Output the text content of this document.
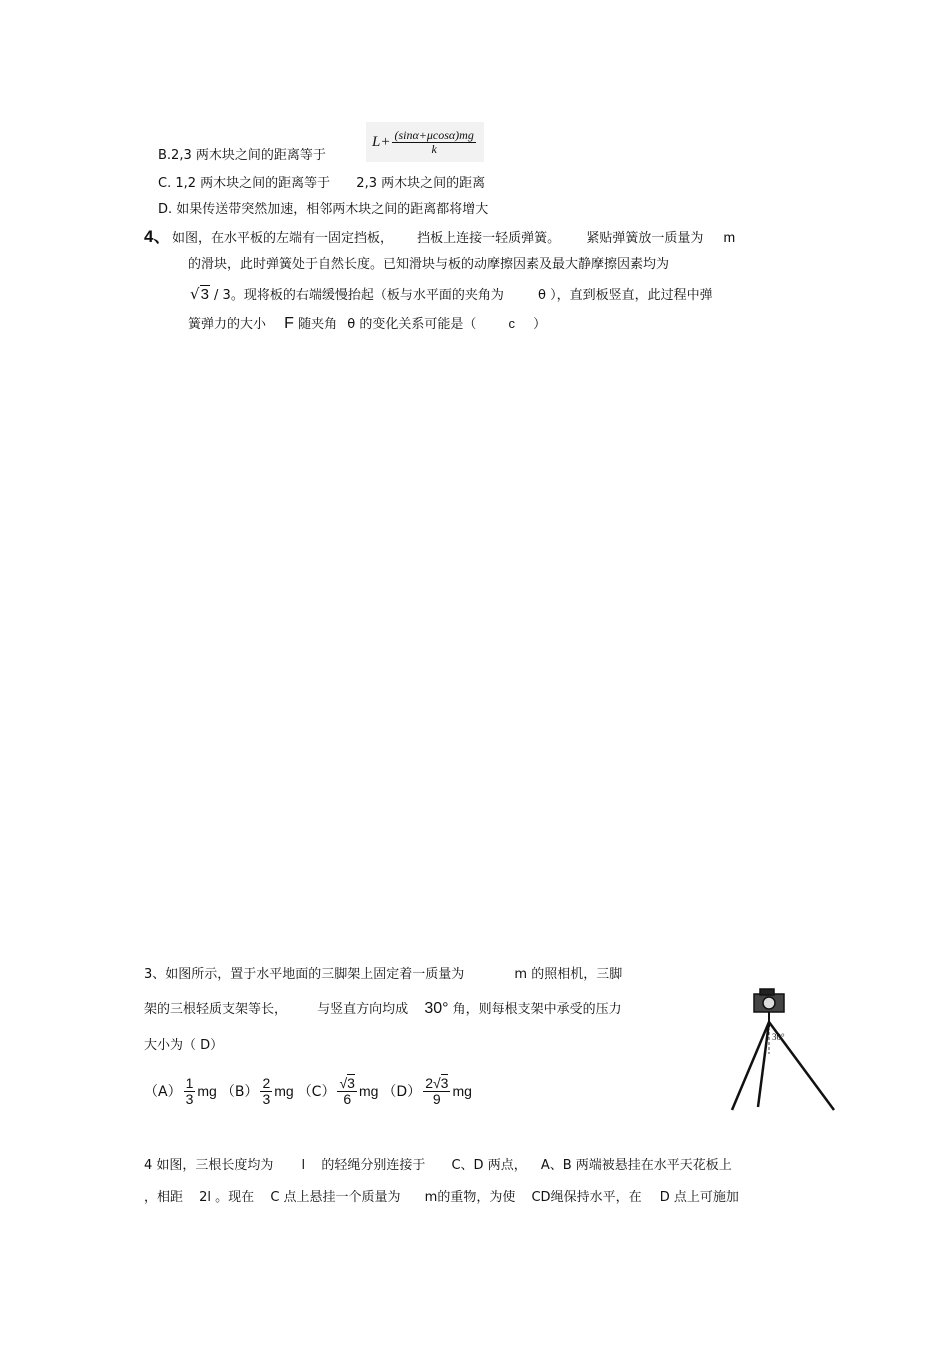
B.2,3 两木块之间的距离等于
$L+ \frac{(\sin\alpha+\mu\cos\alpha)mg}{k}$
C. 1,2 两木块之间的距离等于 2,3 两木块之间的距离
D. 如果传送带突然加速，相邻两木块之间的距离都将增大
4、 如图，在水平板的左端有一固定挡板， 挡板上连接一轻质弹簧。 紧贴弹簧放一质量为 m
的滑块，此时弹簧处于自然长度。已知滑块与板的动摩擦因素及最大静摩擦因素均为
√3 / 3。现将板的右端缓慢抬起（板与水平面的夹角为	θ ），直到板竖直，此过程中弹
簧弹力的大小 F 随夹角 θ 的变化关系可能是（ c ）
3、如图所示，置于水平地面的三脚架上固定着一质量为	m 的照相机，三脚
架的三根轻质支架等长， 与竖直方向均成 30° 角，则每根支架中承受的压力
大小为（ D）
$(A) \frac{1}{3}$ mg $(B) \frac{2}{3}$ mg $(C) \frac{√3}{6}$ mg $(D) \frac{2√3}{9}$ mg
30°
4 如图，三根长度均为 l 的轻绳分别连接于 C、D 两点， A、B 两端被悬挂在水平天花板上
，相距 2l 。现在 C 点上悬挂一个质量为 m的重物，为使 CD绳保持水平，在 D 点上可施加
